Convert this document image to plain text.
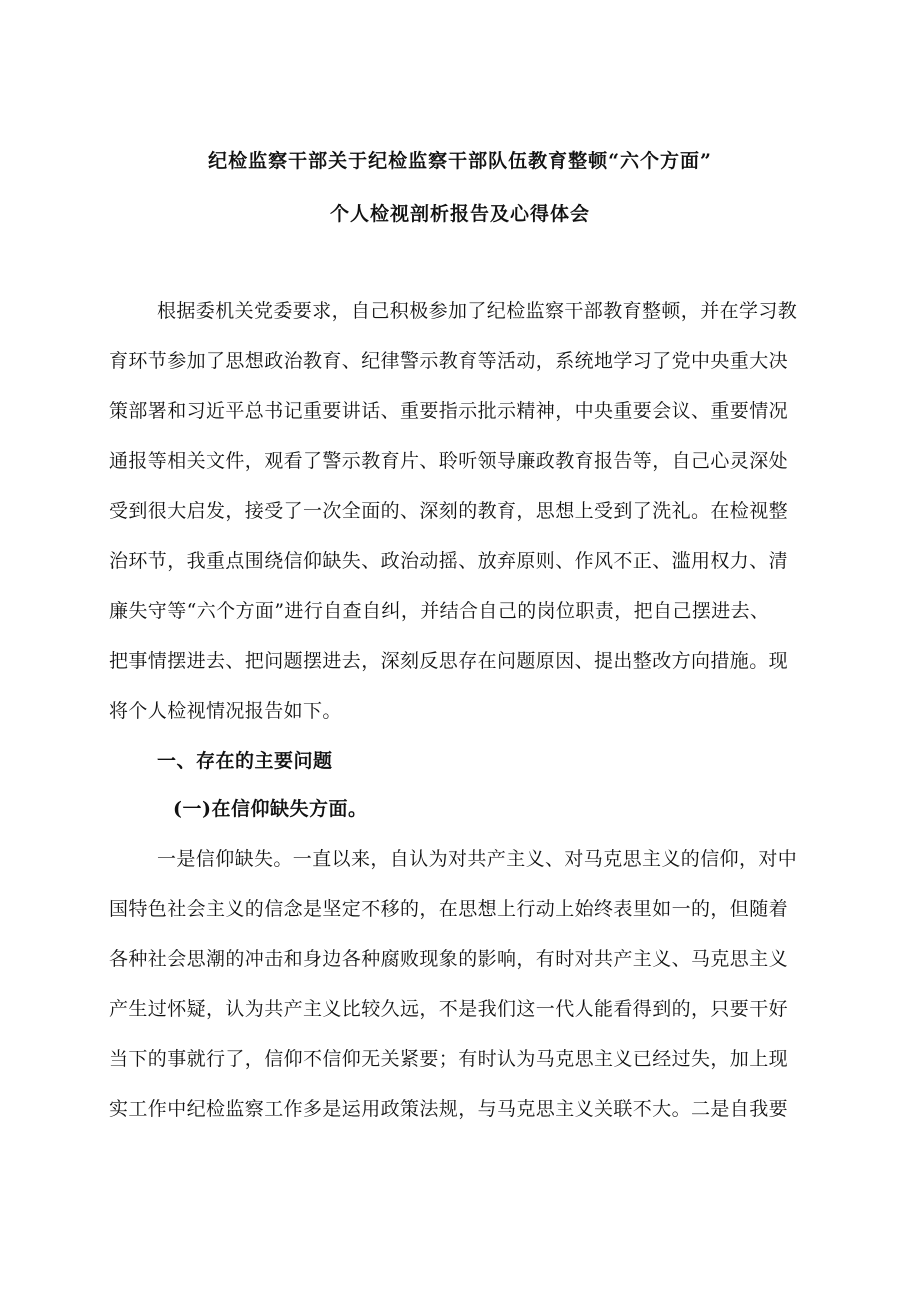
纪检监察干部关于纪检监察干部队伍教育整顿“六个方面”
个人检视剖析报告及心得体会
根据委机关党委要求，自己积极参加了纪检监察干部教育整顿，并在学习教
育环节参加了思想政治教育、纪律警示教育等活动，系统地学习了党中央重大决
策部署和习近平总书记重要讲话、重要指示批示精神，中央重要会议、重要情况
通报等相关文件，观看了警示教育片、聆听领导廉政教育报告等，自己心灵深处
受到很大启发，接受了一次全面的、深刻的教育，思想上受到了洗礼。在检视整
治环节，我重点围绕信仰缺失、政治动摇、放弃原则、作风不正、滥用权力、清
廉失守等“六个方面”进行自查自纠，并结合自己的岗位职责，把自己摆进去、
把事情摆进去、把问题摆进去，深刻反思存在问题原因、提出整改方向措施。现
将个人检视情况报告如下。
一、存在的主要问题
(一)在信仰缺失方面。
一是信仰缺失。一直以来，自认为对共产主义、对马克思主义的信仰，对中
国特色社会主义的信念是坚定不移的，在思想上行动上始终表里如一的，但随着
各种社会思潮的冲击和身边各种腐败现象的影响，有时对共产主义、马克思主义
产生过怀疑，认为共产主义比较久远，不是我们这一代人能看得到的，只要干好
当下的事就行了，信仰不信仰无关紧要；有时认为马克思主义已经过失，加上现
实工作中纪检监察工作多是运用政策法规，与马克思主义关联不大。二是自我要
